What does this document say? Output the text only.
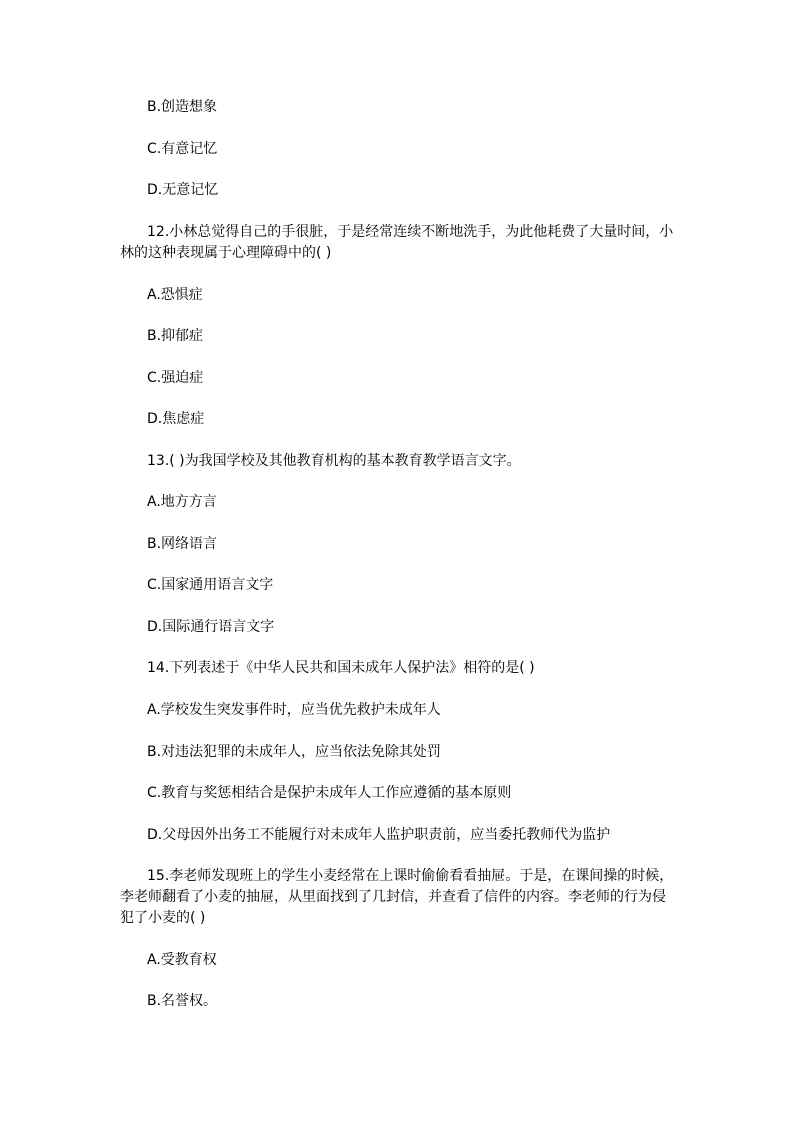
B.创造想象
C.有意记忆
D.无意记忆
12.小林总觉得自己的手很脏，于是经常连续不断地洗手，为此他耗费了大量时间，小
林的这种表现属于心理障碍中的( )
A.恐惧症
B.抑郁症
C.强迫症
D.焦虑症
13.( )为我国学校及其他教育机构的基本教育教学语言文字。
A.地方方言
B.网络语言
C.国家通用语言文字
D.国际通行语言文字
14.下列表述于《中华人民共和国未成年人保护法》相符的是( )
A.学校发生突发事件时，应当优先救护未成年人
B.对违法犯罪的未成年人，应当依法免除其处罚
C.教育与奖惩相结合是保护未成年人工作应遵循的基本原则
D.父母因外出务工不能履行对未成年人监护职责前，应当委托教师代为监护
15.李老师发现班上的学生小麦经常在上课时偷偷看看抽屉。于是，在课间操的时候，
李老师翻看了小麦的抽屉，从里面找到了几封信，并查看了信件的内容。李老师的行为侵
犯了小麦的( )
A.受教育权
B.名誉权。
